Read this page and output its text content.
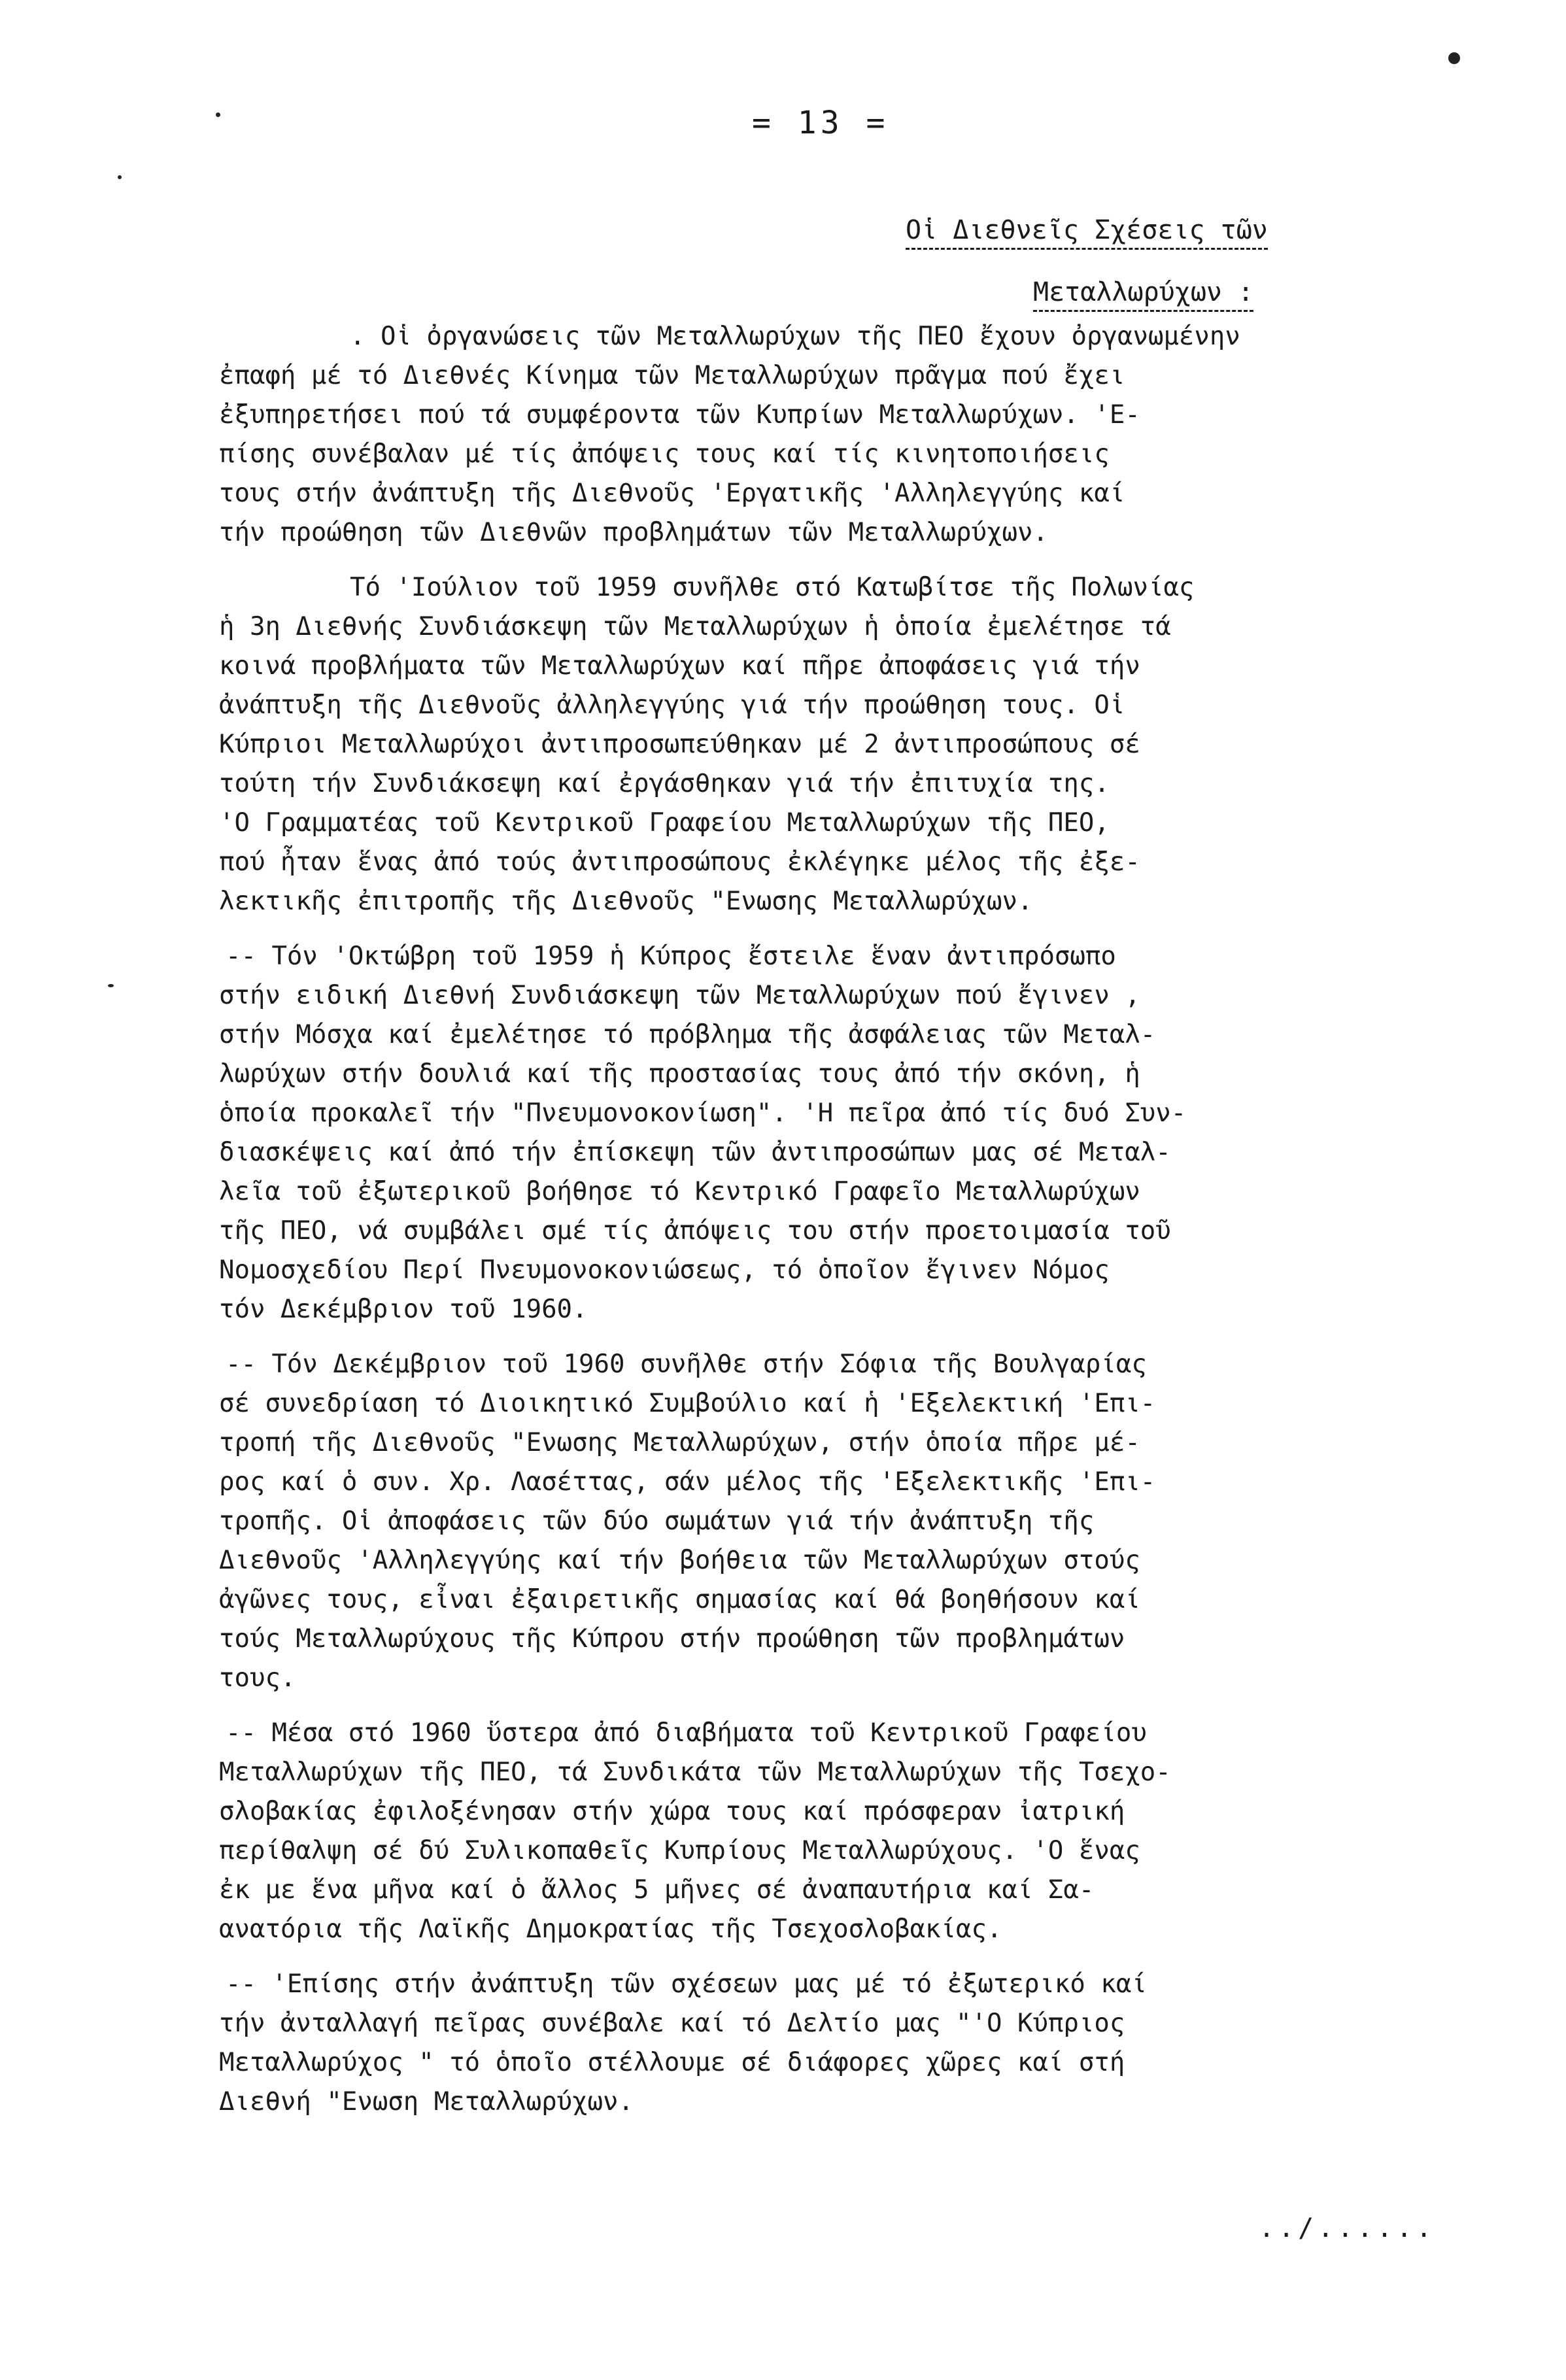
= 13 =
Οἱ Διεθνεῖς Σχέσεις τῶν
Μεταλλωρύχων :
. Οἱ ὀργανώσεις τῶν Μεταλλωρύχων τῆς ΠΕΟ ἔχουν ὀργανωμένην
ἐπαφή μέ τό Διεθνές Κίνημα τῶν Μεταλλωρύχων πρᾶγμα πού ἔχει
ἐξυπηρετήσει πού τά συμφέροντα τῶν Κυπρίων Μεταλλωρύχων. 'Ε-
πίσης συνέβαλαν μέ τίς ἀπόψεις τους καί τίς κινητοποιήσεις
τους στήν ἀνάπτυξη τῆς Διεθνοῦς 'Εργατικῆς 'Αλληλεγγύης καί
τήν προώθηση τῶν Διεθνῶν προβλημάτων τῶν Μεταλλωρύχων.
Τό 'Ιούλιον τοῦ 1959 συνῆλθε στό Κατωβίτσε τῆς Πολωνίας
ἡ 3η Διεθνής Συνδιάσκεψη τῶν Μεταλλωρύχων ἡ ὁποία ἐμελέτησε τά
κοινά προβλήματα τῶν Μεταλλωρύχων καί πῆρε ἀποφάσεις γιά τήν
ἀνάπτυξη τῆς Διεθνοῦς ἀλληλεγγύης γιά τήν προώθηση τους. Οἱ
Κύπριοι Μεταλλωρύχοι ἀντιπροσωπεύθηκαν μέ 2 ἀντιπροσώπους σέ
τούτη τήν Συνδιάκσεψη καί ἐργάσθηκαν γιά τήν ἐπιτυχία της.
'Ο Γραμματέας τοῦ Κεντρικοῦ Γραφείου Μεταλλωρύχων τῆς ΠΕΟ,
πού ἦταν ἕνας ἀπό τούς ἀντιπροσώπους ἐκλέγηκε μέλος τῆς ἐξε-
λεκτικῆς ἐπιτροπῆς τῆς Διεθνοῦς "Ενωσης Μεταλλωρύχων.
-- Τόν 'Οκτώβρη τοῦ 1959 ἡ Κύπρος ἔστειλε ἕναν ἀντιπρόσωπο
στήν ειδική Διεθνή Συνδιάσκεψη τῶν Μεταλλωρύχων πού ἔγινεν ,
στήν Μόσχα καί ἐμελέτησε τό πρόβλημα τῆς ἀσφάλειας τῶν Μεταλ-
λωρύχων στήν δουλιά καί τῆς προστασίας τους ἀπό τήν σκόνη, ἡ
ὁποία προκαλεῖ τήν "Πνευμονοκονίωση". 'Η πεῖρα ἀπό τίς δυό Συν-
διασκέψεις καί ἀπό τήν ἐπίσκεψη τῶν ἀντιπροσώπων μας σέ Μεταλ-
λεῖα τοῦ ἐξωτερικοῦ βοήθησε τό Κεντρικό Γραφεῖο Μεταλλωρύχων
τῆς ΠΕΟ, νά συμβάλει σμέ τίς ἀπόψεις του στήν προετοιμασία τοῦ
Νομοσχεδίου Περί Πνευμονοκονιώσεως, τό ὁποῖον ἔγινεν Νόμος
τόν Δεκέμβριον τοῦ 1960.
-- Τόν Δεκέμβριον τοῦ 1960 συνῆλθε στήν Σόφια τῆς Βουλγαρίας
σέ συνεδρίαση τό Διοικητικό Συμβούλιο καί ἡ 'Εξελεκτική 'Επι-
τροπή τῆς Διεθνοῦς "Ενωσης Μεταλλωρύχων, στήν ὁποία πῆρε μέ-
ρος καί ὁ συν. Χρ. Λασέττας, σάν μέλος τῆς 'Εξελεκτικῆς 'Επι-
τροπῆς. Οἱ ἀποφάσεις τῶν δύο σωμάτων γιά τήν ἀνάπτυξη τῆς
Διεθνοῦς 'Αλληλεγγύης καί τήν βοήθεια τῶν Μεταλλωρύχων στούς
ἀγῶνες τους, εἶναι ἐξαιρετικῆς σημασίας καί θά βοηθήσουν καί
τούς Μεταλλωρύχους τῆς Κύπρου στήν προώθηση τῶν προβλημάτων
τους.
-- Μέσα στό 1960 ὕστερα ἀπό διαβήματα τοῦ Κεντρικοῦ Γραφείου
Μεταλλωρύχων τῆς ΠΕΟ, τά Συνδικάτα τῶν Μεταλλωρύχων τῆς Τσεχο-
σλοβακίας ἐφιλοξένησαν στήν χώρα τους καί πρόσφεραν ἰατρική
περίθαλψη σέ δύ Συλικοπαθεῖς Κυπρίους Μεταλλωρύχους. 'Ο ἕνας
ἐκ με ἕνα μῆνα καί ὁ ἄλλος 5 μῆνες σέ ἀναπαυτήρια καί Σα-
ανατόρια τῆς Λαϊκῆς Δημοκρατίας τῆς Τσεχοσλοβακίας.
-- 'Επίσης στήν ἀνάπτυξη τῶν σχέσεων μας μέ τό ἐξωτερικό καί
τήν ἀνταλλαγή πεῖρας συνέβαλε καί τό Δελτίο μας "'Ο Κύπριος
Μεταλλωρύχος " τό ὁποῖο στέλλουμε σέ διάφορες χῶρες καί στή
Διεθνή "Ενωση Μεταλλωρύχων.
../......
